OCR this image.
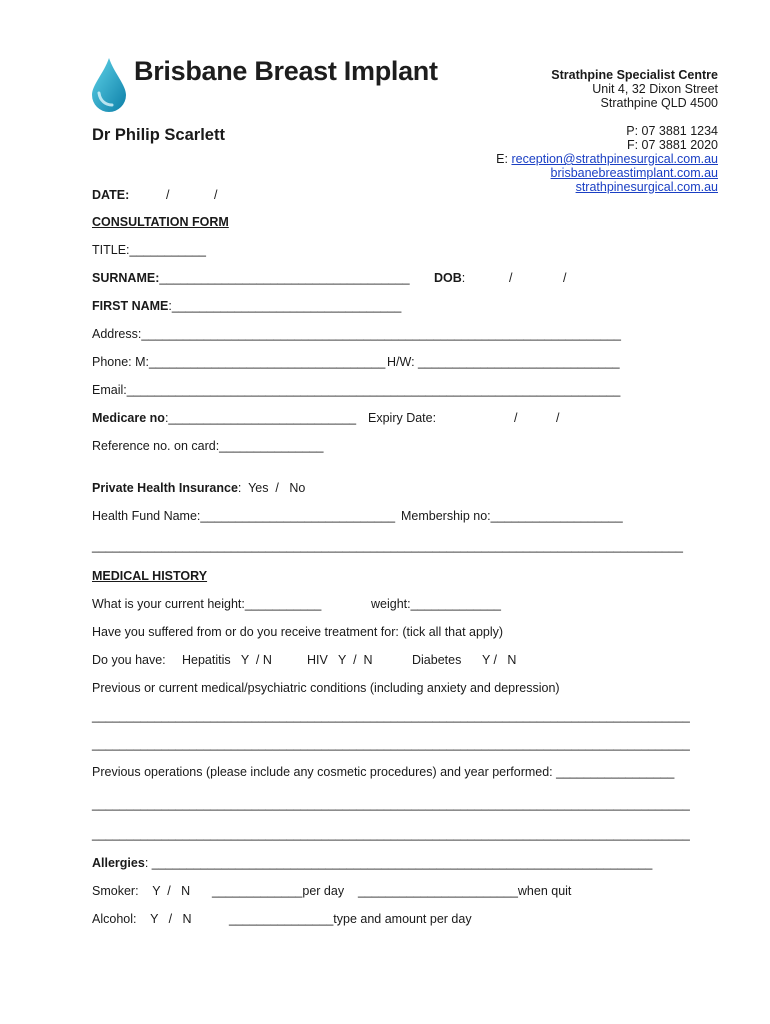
Brisbane Breast Implant	Strathpine Specialist Centre
Unit 4, 32 Dixon Street
Strathpine QLD 4500
P: 07 3881 1234
F: 07 3881 2020
E: reception@strathpinesurgical.com.au
brisbanebreastimplant.com.au
strathpinesurgical.com.au
Dr Philip Scarlett
DATE:	/	/
CONSULTATION FORM
TITLE:___________
SURNAME:____________________________________ DOB:	/	/
FIRST NAME:_________________________________
Address:_____________________________________________________________________
Phone: M:__________________________________ H/W: _____________________________
Email:_______________________________________________________________________
Medicare no:___________________________ Expiry Date:	/	/
Reference no. on card:_______________
Private Health Insurance:  Yes  /   No
Health Fund Name:____________________________ Membership no:___________________
_____________________________________________________________________________________
MEDICAL HISTORY
What is your current height:___________	weight:_____________
Have you suffered from or do you receive treatment for: (tick all that apply)
Do you have: Hepatitis   Y  / N	HIV   Y  /  N	Diabetes      Y /   N
Previous or current medical/psychiatric conditions (including anxiety and depression)
______________________________________________________________________________________
______________________________________________________________________________________
Previous operations (please include any cosmetic procedures) and year performed: _________________
______________________________________________________________________________________
______________________________________________________________________________________
Allergies: ________________________________________________________________________
Smoker:    Y  /   N _____________per day _______________________when quit
Alcohol:    Y   /   N	_______________type and amount per day
